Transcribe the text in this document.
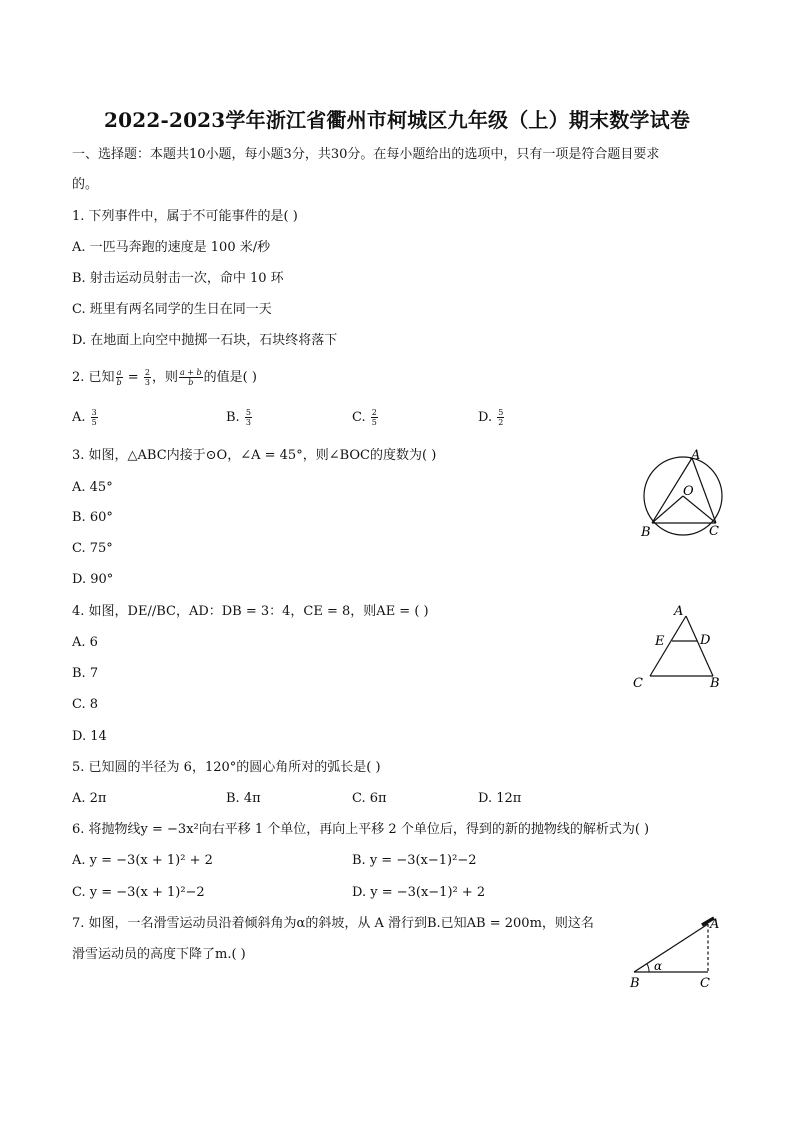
2022-2023学年浙江省衢州市柯城区九年级（上）期末数学试卷
一、选择题：本题共10小题，每小题3分，共30分。在每小题给出的选项中，只有一项是符合题目要求
的。
1. 下列事件中，属于不可能事件的是( )
A. 一匹马奔跑的速度是 100 米/秒
B. 射击运动员射击一次，命中 10 环
C. 班里有两名同学的生日在同一天
D. 在地面上向空中抛掷一石块，石块终将落下
2. 已知 $\frac{a}{b} = \frac{2}{3}$ ，则 $\frac{a + b}{b}$ 的值是( )
A. $\frac{3}{5}$	B. $\frac{5}{3}$	C. $\frac{2}{5}$	D. $\frac{5}{2}$
3. 如图，△ABC内接于⊙O，∠A = 45°，则∠BOC的度数为( )
A. 45°
B. 60°
C. 75°
D. 90°
A
O
B	C
4. 如图，DE//BC，AD：DB = 3：4，CE = 8，则AE = ( )
A. 6
B. 7
C. 8
D. 14
A
E	D
C	B
5. 已知圆的半径为 6，120°的圆心角所对的弧长是( )
A. 2π	B. 4π	C. 6π	D. 12π
6. 将抛物线y = −3x²向右平移 1 个单位，再向上平移 2 个单位后，得到的新的抛物线的解析式为( )
A. y = −3(x + 1)² + 2	B. y = −3(x−1)²−2
C. y = −3(x + 1)²−2	D. y = −3(x−1)² + 2
7. 如图，一名滑雪运动员沿着倾斜角为α的斜坡，从 A 滑行到B.已知AB = 200m，则这名
滑雪运动员的高度下降了m.( )
A
α
B	C
